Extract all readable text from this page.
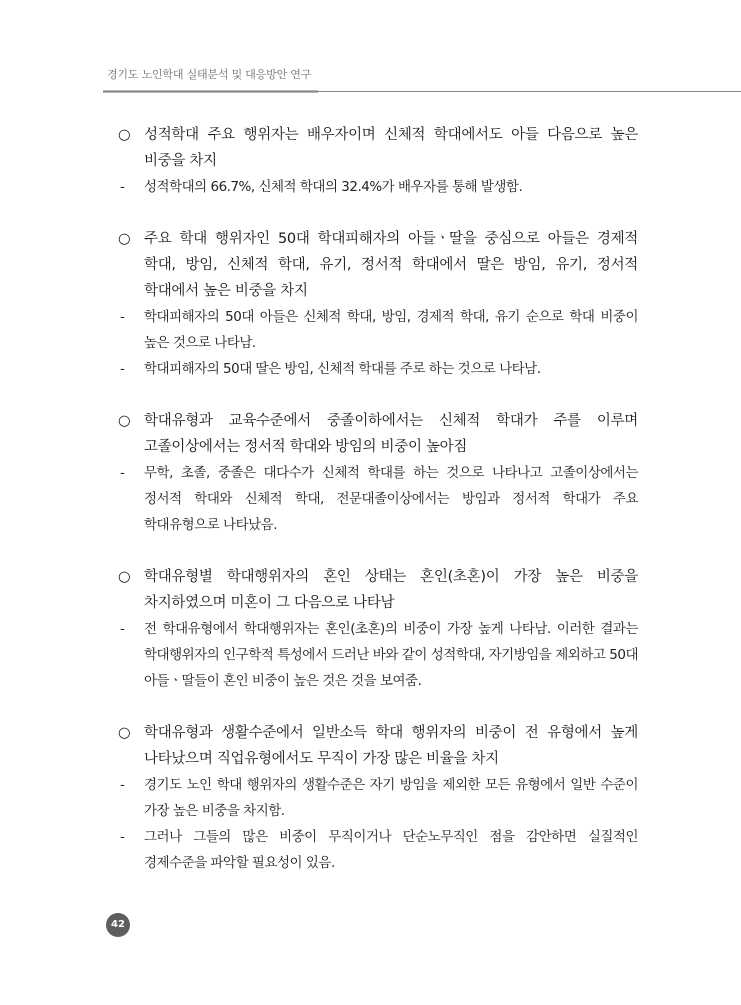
경기도 노인학대 실태분석 및 대응방안 연구
○ 성적학대 주요 행위자는 배우자이며 신체적 학대에서도 아들 다음으로 높은 비중을 차지
- 성적학대의 66.7%, 신체적 학대의 32.4%가 배우자를 통해 발생함.
○ 주요 학대 행위자인 50대 학대피해자의 아들ㆍ딸을 중심으로 아들은 경제적 학대, 방임, 신체적 학대, 유기, 정서적 학대에서 딸은 방임, 유기, 정서적 학대에서 높은 비중을 차지
- 학대피해자의 50대 아들은 신체적 학대, 방임, 경제적 학대, 유기 순으로 학대 비중이 높은 것으로 나타남.
- 학대피해자의 50대 딸은 방임, 신체적 학대를 주로 하는 것으로 나타남.
○ 학대유형과 교육수준에서 중졸이하에서는 신체적 학대가 주를 이루며 고졸이상에서는 정서적 학대와 방임의 비중이 높아짐
- 무학, 초졸, 중졸은 대다수가 신체적 학대를 하는 것으로 나타나고 고졸이상에서는 정서적 학대와 신체적 학대, 전문대졸이상에서는 방임과 정서적 학대가 주요 학대유형으로 나타났음.
○ 학대유형별 학대행위자의 혼인 상태는 혼인(초혼)이 가장 높은 비중을 차지하였으며 미혼이 그 다음으로 나타남
- 전 학대유형에서 학대행위자는 혼인(초혼)의 비중이 가장 높게 나타남. 이러한 결과는 학대행위자의 인구학적 특성에서 드러난 바와 같이 성적학대, 자기방임을 제외하고 50대 아들ㆍ딸들이 혼인 비중이 높은 것은 것을 보여줌.
○ 학대유형과 생활수준에서 일반소득 학대 행위자의 비중이 전 유형에서 높게 나타났으며 직업유형에서도 무직이 가장 많은 비율을 차지
- 경기도 노인 학대 행위자의 생활수준은 자기 방임을 제외한 모든 유형에서 일반 수준이 가장 높은 비중을 차지함.
- 그러나 그들의 많은 비중이 무직이거나 단순노무직인 점을 감안하면 실질적인 경제수준을 파악할 필요성이 있음.
42
